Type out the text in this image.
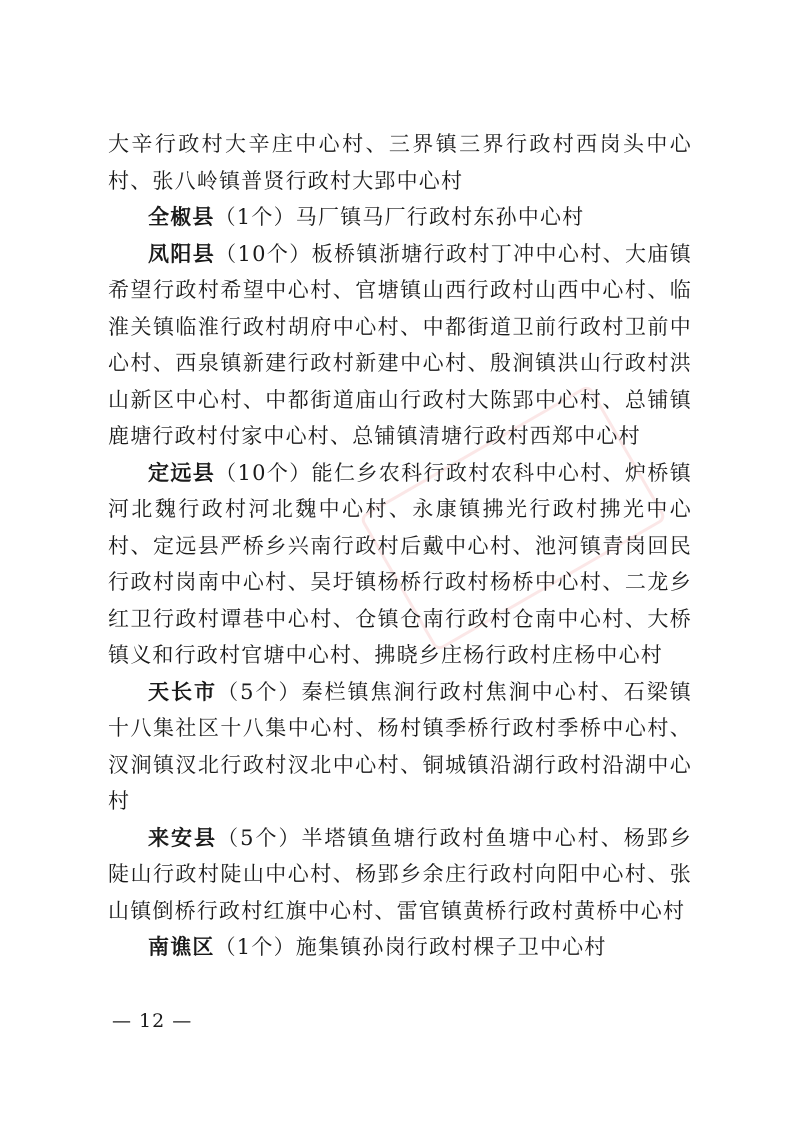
大辛行政村大辛庄中心村、三界镇三界行政村西岗头中心村、张八岭镇普贤行政村大郢中心村

全椒县（1个）马厂镇马厂行政村东孙中心村

凤阳县（10个）板桥镇浙塘行政村丁冲中心村、大庙镇希望行政村希望中心村、官塘镇山西行政村山西中心村、临淮关镇临淮行政村胡府中心村、中都街道卫前行政村卫前中心村、西泉镇新建行政村新建中心村、殷涧镇洪山行政村洪山新区中心村、中都街道庙山行政村大陈郢中心村、总铺镇鹿塘行政村付家中心村、总铺镇清塘行政村西郑中心村

定远县（10个）能仁乡农科行政村农科中心村、炉桥镇河北魏行政村河北魏中心村、永康镇拂光行政村拂光中心村、定远县严桥乡兴南行政村后戴中心村、池河镇青岗回民行政村岗南中心村、吴圩镇杨桥行政村杨桥中心村、二龙乡红卫行政村谭巷中心村、仓镇仓南行政村仓南中心村、大桥镇义和行政村官塘中心村、拂晓乡庄杨行政村庄杨中心村

天长市（5个）秦栏镇焦涧行政村焦涧中心村、石梁镇十八集社区十八集中心村、杨村镇季桥行政村季桥中心村、汊涧镇汊北行政村汊北中心村、铜城镇沿湖行政村沿湖中心村

来安县（5个）半塔镇鱼塘行政村鱼塘中心村、杨郢乡陡山行政村陡山中心村、杨郢乡余庄行政村向阳中心村、张山镇倒桥行政村红旗中心村、雷官镇黄桥行政村黄桥中心村

南谯区（1个）施集镇孙岗行政村棵子卫中心村

— 12 —
